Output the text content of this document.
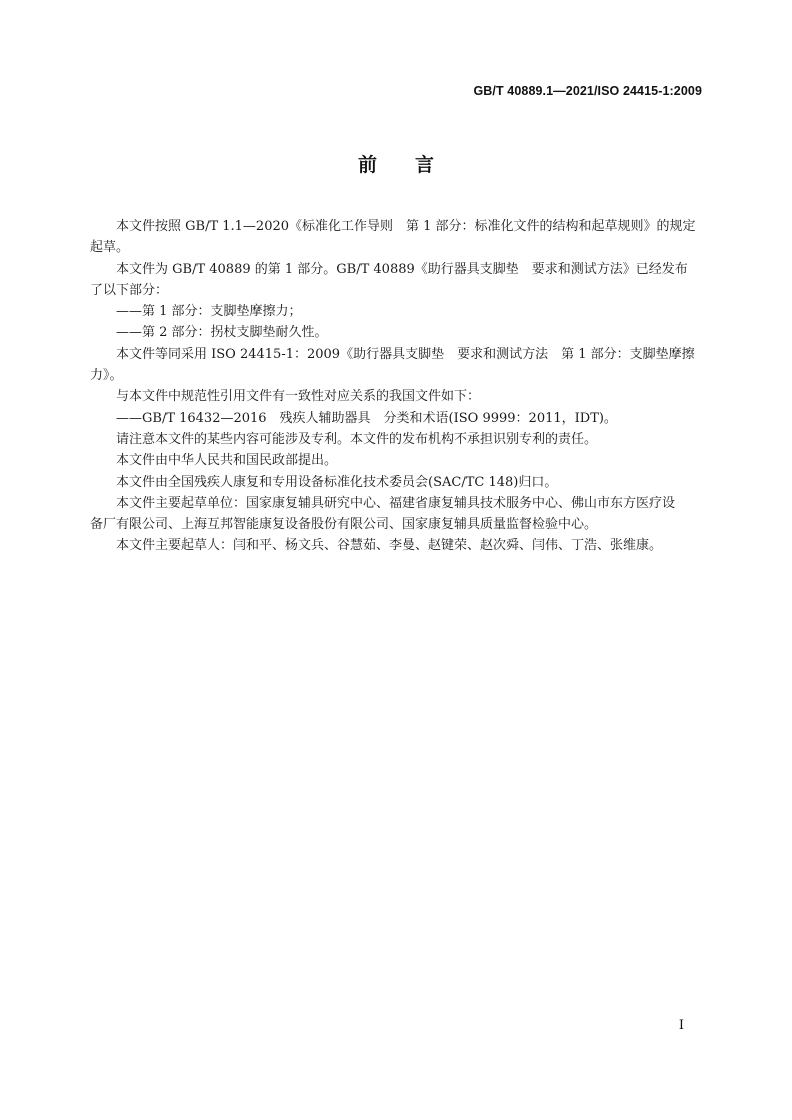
GB/T 40889.1—2021/ISO 24415-1:2009
前言
本文件按照 GB/T 1.1—2020《标准化工作导则　第 1 部分：标准化文件的结构和起草规则》的规定
起草。
本文件为 GB/T 40889 的第 1 部分。GB/T 40889《助行器具支脚垫　要求和测试方法》已经发布
了以下部分：
——第 1 部分：支脚垫摩擦力；
——第 2 部分：拐杖支脚垫耐久性。
本文件等同采用 ISO 24415-1：2009《助行器具支脚垫　要求和测试方法　第 1 部分：支脚垫摩擦
力》。
与本文件中规范性引用文件有一致性对应关系的我国文件如下：
——GB/T 16432—2016　残疾人辅助器具　分类和术语(ISO 9999：2011，IDT)。
请注意本文件的某些内容可能涉及专利。本文件的发布机构不承担识别专利的责任。
本文件由中华人民共和国民政部提出。
本文件由全国残疾人康复和专用设备标准化技术委员会(SAC/TC 148)归口。
本文件主要起草单位：国家康复辅具研究中心、福建省康复辅具技术服务中心、佛山市东方医疗设
备厂有限公司、上海互邦智能康复设备股份有限公司、国家康复辅具质量监督检验中心。
本文件主要起草人：闫和平、杨文兵、谷慧茹、李曼、赵键荣、赵次舜、闫伟、丁浩、张维康。
I
